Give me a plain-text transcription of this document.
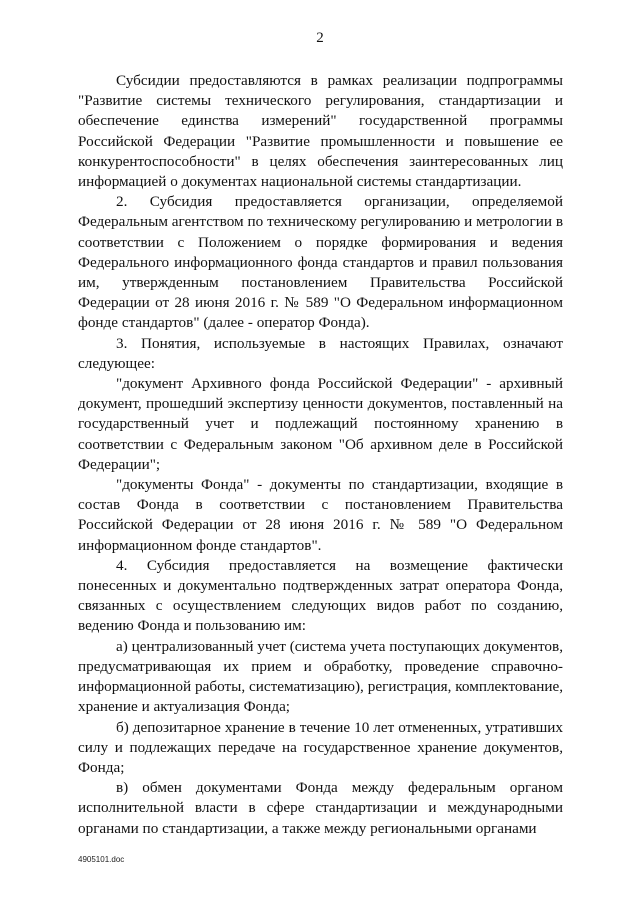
2

Субсидии предоставляются в рамках реализации подпрограммы "Развитие системы технического регулирования, стандартизации и обеспечение единства измерений" государственной программы Российской Федерации "Развитие промышленности и повышение ее конкурентоспособности" в целях обеспечения заинтересованных лиц информацией о документах национальной системы стандартизации.

2. Субсидия предоставляется организации, определяемой Федеральным агентством по техническому регулированию и метрологии в соответствии с Положением о порядке формирования и ведения Федерального информационного фонда стандартов и правил пользования им, утвержденным постановлением Правительства Российской Федерации от 28 июня 2016 г. № 589 "О Федеральном информационном фонде стандартов" (далее - оператор Фонда).

3. Понятия, используемые в настоящих Правилах, означают следующее:

"документ Архивного фонда Российской Федерации" - архивный документ, прошедший экспертизу ценности документов, поставленный на государственный учет и подлежащий постоянному хранению в соответствии с Федеральным законом "Об архивном деле в Российской Федерации";

"документы Фонда" - документы по стандартизации, входящие в состав Фонда в соответствии с постановлением Правительства Российской Федерации от 28 июня 2016 г. № 589 "О Федеральном информационном фонде стандартов".

4. Субсидия предоставляется на возмещение фактически понесенных и документально подтвержденных затрат оператора Фонда, связанных с осуществлением следующих видов работ по созданию, ведению Фонда и пользованию им:

а) централизованный учет (система учета поступающих документов, предусматривающая их прием и обработку, проведение справочно-информационной работы, систематизацию), регистрация, комплектование, хранение и актуализация Фонда;

б) депозитарное хранение в течение 10 лет отмененных, утративших силу и подлежащих передаче на государственное хранение документов, Фонда;

в) обмен документами Фонда между федеральным органом исполнительной власти в сфере стандартизации и международными органами по стандартизации, а также между региональными органами

4905101.doc
